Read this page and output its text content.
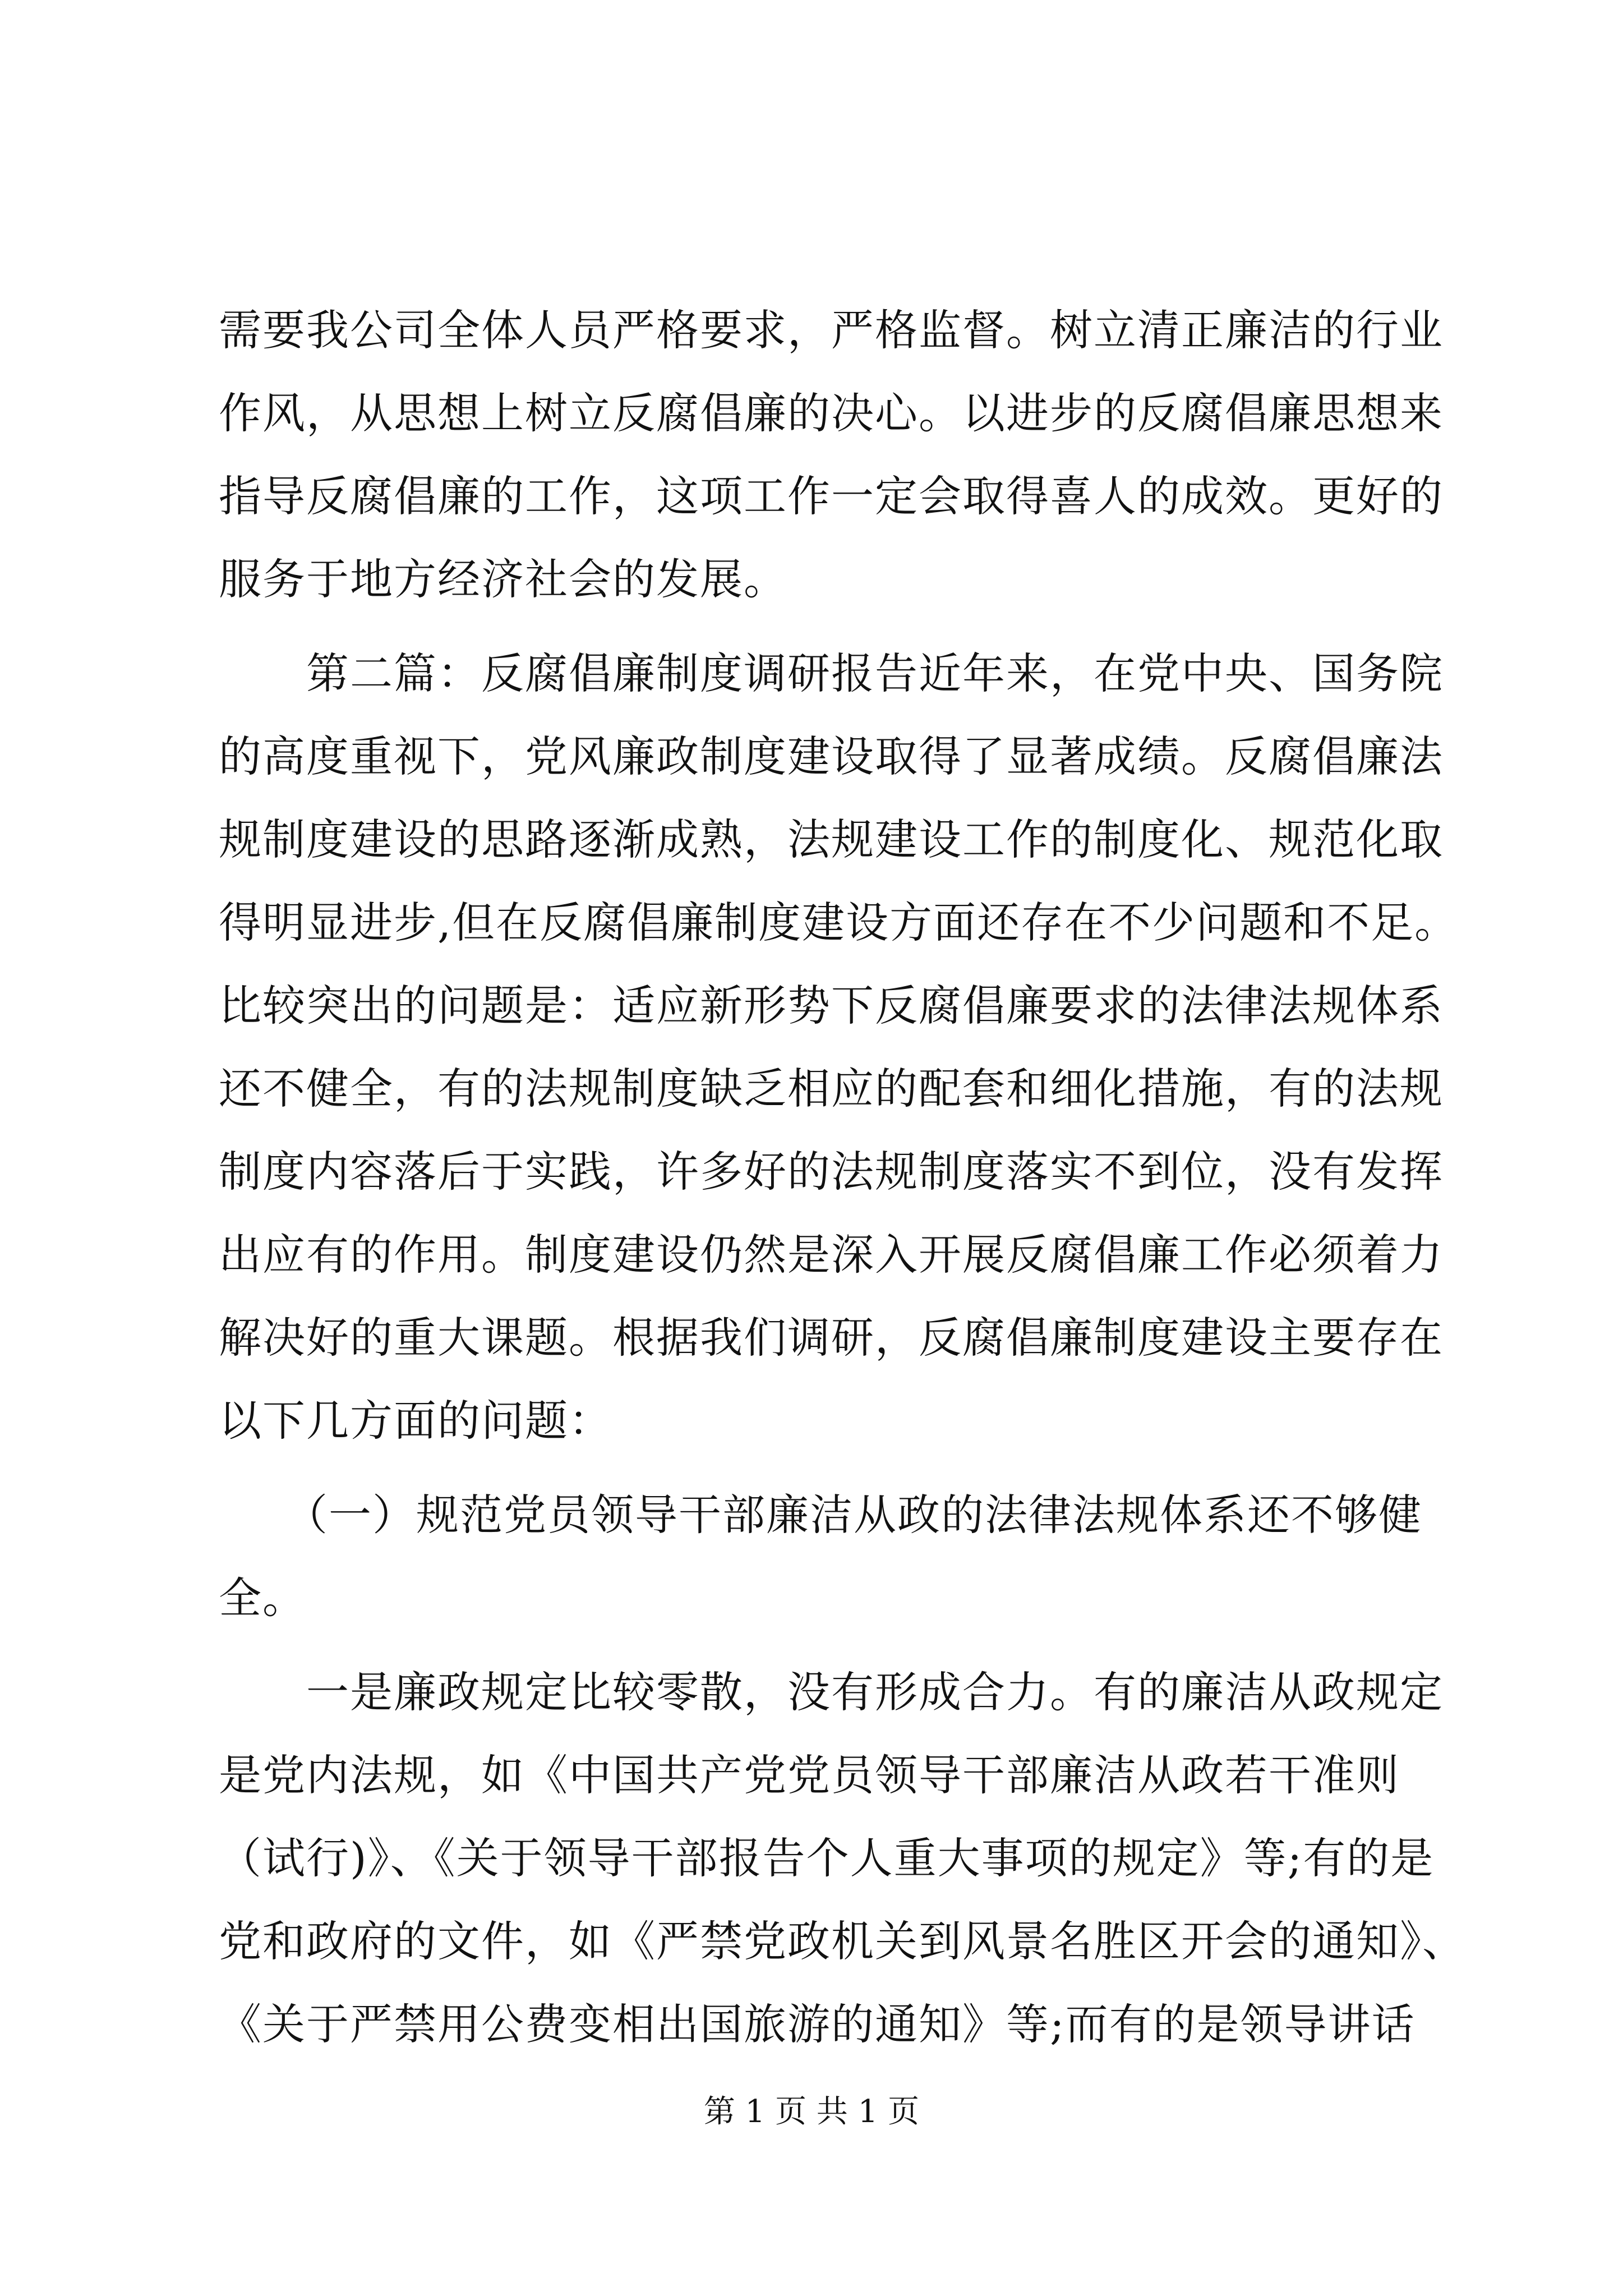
需要我公司全体人员严格要求，严格监督。树立清正廉洁的行业
作风，从思想上树立反腐倡廉的决心。以进步的反腐倡廉思想来
指导反腐倡廉的工作，这项工作一定会取得喜人的成效。更好的
服务于地方经济社会的发展。
　　第二篇：反腐倡廉制度调研报告近年来，在党中央、国务院
的高度重视下，党风廉政制度建设取得了显著成绩。反腐倡廉法
规制度建设的思路逐渐成熟，法规建设工作的制度化、规范化取
得明显进步,但在反腐倡廉制度建设方面还存在不少问题和不足。
比较突出的问题是：适应新形势下反腐倡廉要求的法律法规体系
还不健全，有的法规制度缺乏相应的配套和细化措施，有的法规
制度内容落后于实践，许多好的法规制度落实不到位，没有发挥
出应有的作用。制度建设仍然是深入开展反腐倡廉工作必须着力
解决好的重大课题。根据我们调研，反腐倡廉制度建设主要存在
以下几方面的问题：
　　（一）规范党员领导干部廉洁从政的法律法规体系还不够健
全。
　　一是廉政规定比较零散，没有形成合力。有的廉洁从政规定
是党内法规，如《中国共产党党员领导干部廉洁从政若干准则
（试行)》、《关于领导干部报告个人重大事项的规定》等;有的是
党和政府的文件，如《严禁党政机关到风景名胜区开会的通知》、
《关于严禁用公费变相出国旅游的通知》等;而有的是领导讲话
第 1 页 共 1 页
